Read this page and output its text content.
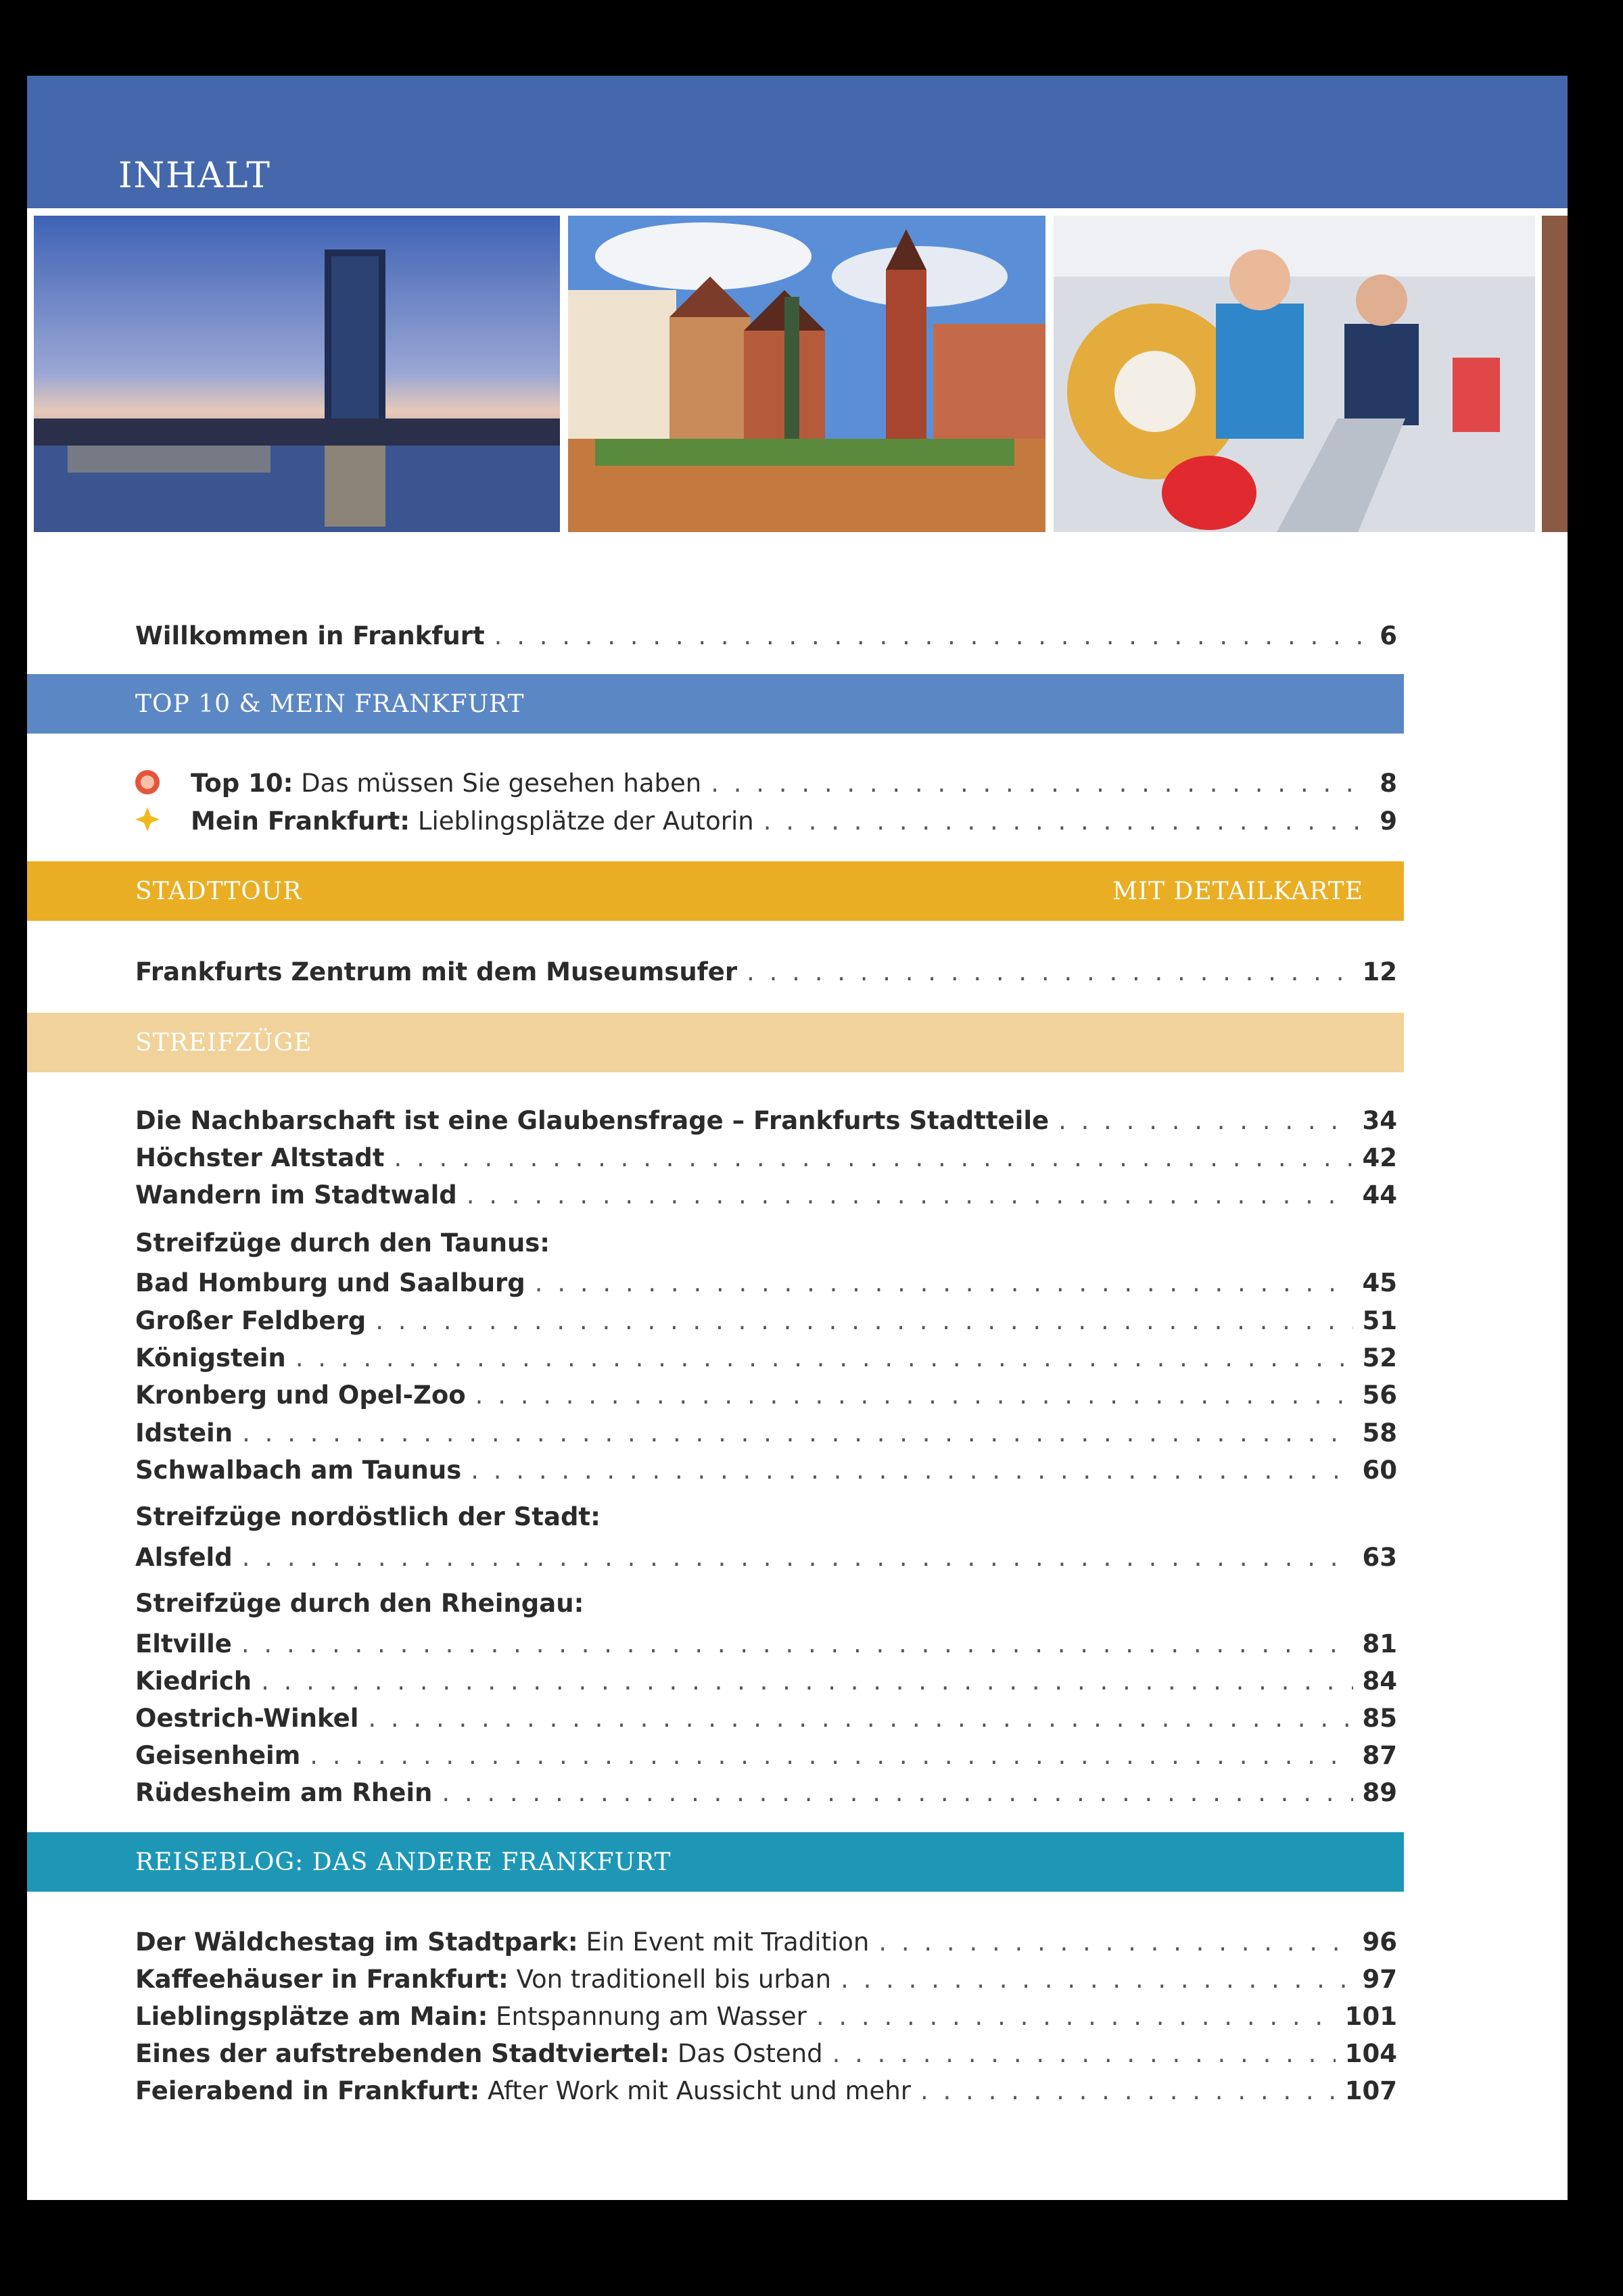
INHALT
Willkommen in Frankfurt . . .	6
TOP 10 & MEIN FRANKFURT
Top 10: Das müssen Sie gesehen haben . . .	8
Mein Frankfurt: Lieblingsplätze der Autorin . . .	9
STADTTOUR	MIT DETAILKARTE
Frankfurts Zentrum mit dem Museumsufer . . .	12
STREIFZÜGE
Die Nachbarschaft ist eine Glaubensfrage – Frankfurts Stadtteile . . .	34
Höchster Altstadt . . .	42
Wandern im Stadtwald . . .	44
Streifzüge durch den Taunus:
Bad Homburg und Saalburg . . .	45
Großer Feldberg . . .	51
Königstein . . .	52
Kronberg und Opel-Zoo . . .	56
Idstein . . .	58
Schwalbach am Taunus . . .	60
Streifzüge nordöstlich der Stadt:
Alsfeld . . .	63
Streifzüge durch den Rheingau:
Eltville . . .	81
Kiedrich . . .	84
Oestrich-Winkel . . .	85
Geisenheim . . .	87
Rüdesheim am Rhein . . .	89
REISEBLOG: DAS ANDERE FRANKFURT
Der Wäldchestag im Stadtpark: Ein Event mit Tradition . . .	96
Kaffeehäuser in Frankfurt: Von traditionell bis urban . . .	97
Lieblingsplätze am Main: Entspannung am Wasser . . .	101
Eines der aufstrebenden Stadtviertel: Das Ostend . . .	104
Feierabend in Frankfurt: After Work mit Aussicht und mehr . . .	107
